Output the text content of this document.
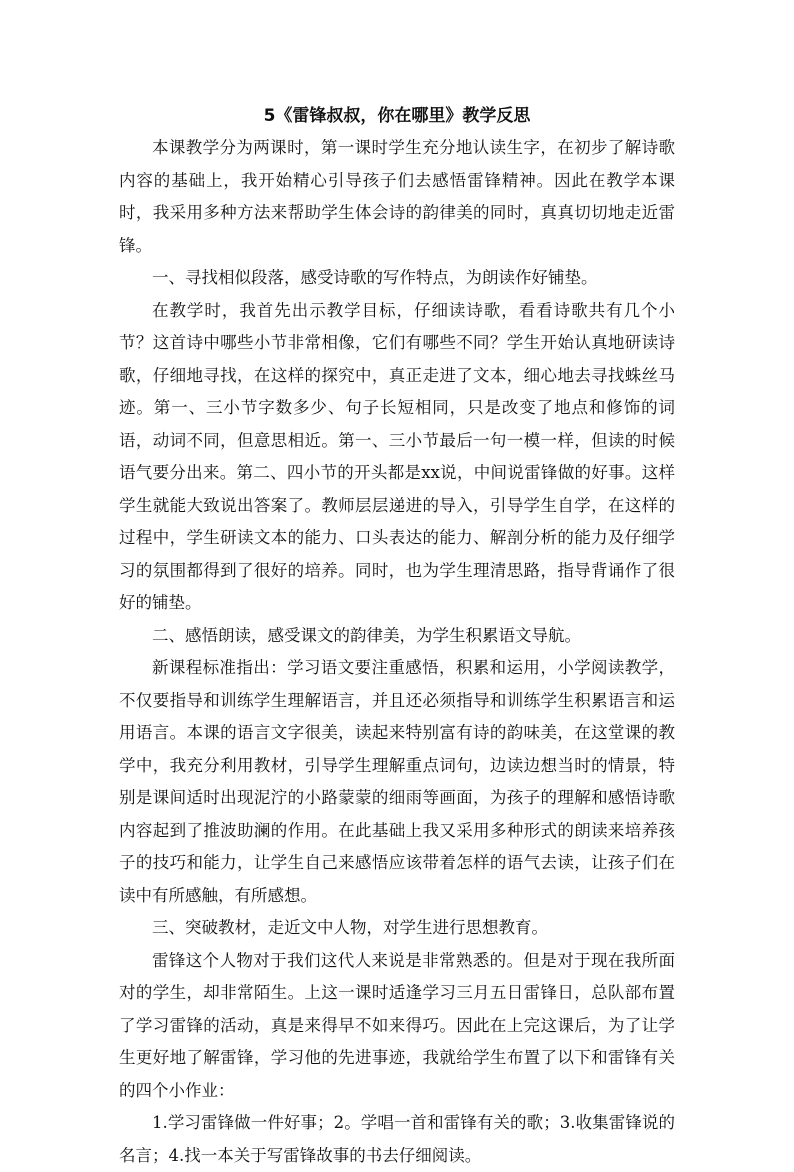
5《雷锋叔叔，你在哪里》教学反思

本课教学分为两课时，第一课时学生充分地认读生字，在初步了解诗歌内容的基础上，我开始精心引导孩子们去感悟雷锋精神。因此在教学本课时，我采用多种方法来帮助学生体会诗的韵律美的同时，真真切切地走近雷锋。

一、寻找相似段落，感受诗歌的写作特点，为朗读作好铺垫。

在教学时，我首先出示教学目标，仔细读诗歌，看看诗歌共有几个小节？这首诗中哪些小节非常相像，它们有哪些不同？学生开始认真地研读诗歌，仔细地寻找，在这样的探究中，真正走进了文本，细心地去寻找蛛丝马迹。第一、三小节字数多少、句子长短相同，只是改变了地点和修饰的词语，动词不同，但意思相近。第一、三小节最后一句一模一样，但读的时候语气要分出来。第二、四小节的开头都是xx说，中间说雷锋做的好事。这样学生就能大致说出答案了。教师层层递进的导入，引导学生自学，在这样的过程中，学生研读文本的能力、口头表达的能力、解剖分析的能力及仔细学习的氛围都得到了很好的培养。同时，也为学生理清思路，指导背诵作了很好的铺垫。

二、感悟朗读，感受课文的韵律美，为学生积累语文导航。

新课程标准指出：学习语文要注重感悟，积累和运用，小学阅读教学，不仅要指导和训练学生理解语言，并且还必须指导和训练学生积累语言和运用语言。本课的语言文字很美，读起来特别富有诗的韵味美，在这堂课的教学中，我充分利用教材，引导学生理解重点词句，边读边想当时的情景，特别是课间适时出现泥泞的小路蒙蒙的细雨等画面，为孩子的理解和感悟诗歌内容起到了推波助澜的作用。在此基础上我又采用多种形式的朗读来培养孩子的技巧和能力，让学生自己来感悟应该带着怎样的语气去读，让孩子们在读中有所感触，有所感想。

三、突破教材，走近文中人物，对学生进行思想教育。

雷锋这个人物对于我们这代人来说是非常熟悉的。但是对于现在我所面对的学生，却非常陌生。上这一课时适逢学习三月五日雷锋日，总队部布置了学习雷锋的活动，真是来得早不如来得巧。因此在上完这课后，为了让学生更好地了解雷锋，学习他的先进事迹，我就给学生布置了以下和雷锋有关的四个小作业：

1.学习雷锋做一件好事；2。学唱一首和雷锋有关的歌；3.收集雷锋说的名言；4.找一本关于写雷锋故事的书去仔细阅读。
